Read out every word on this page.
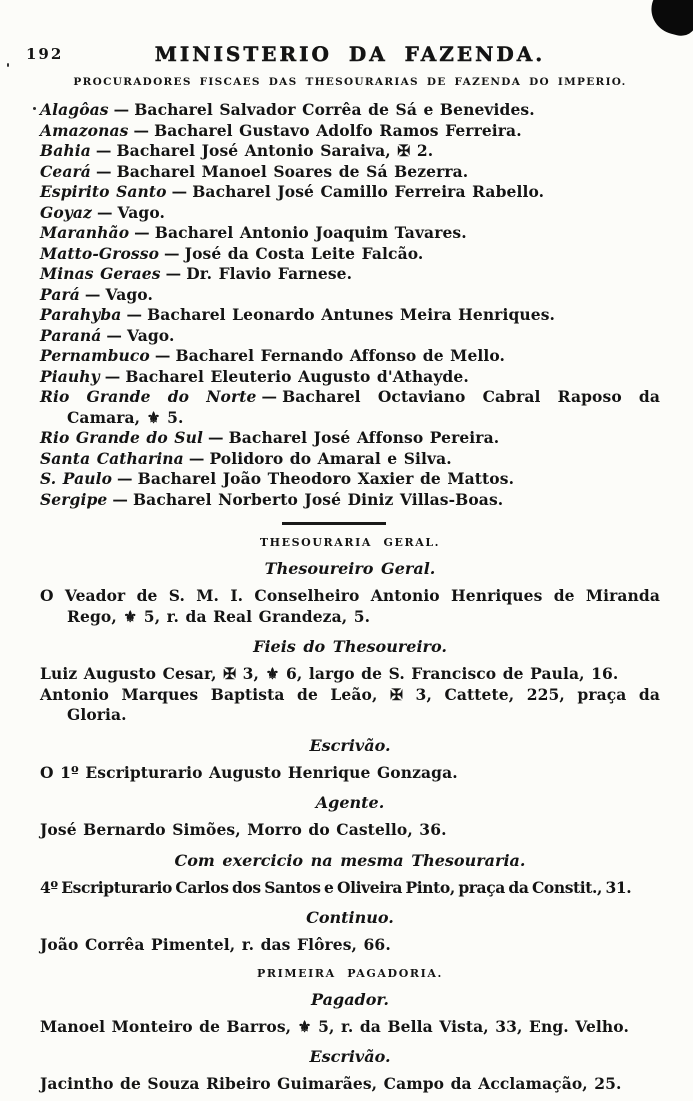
192	MINISTERIO DA FAZENDA.
PROCURADORES FISCAES DAS THESOURARIAS DE FAZENDA DO IMPERIO.

Alagôas — Bacharel Salvador Corrêa de Sá e Benevides.

Amazonas — Bacharel Gustavo Adolfo Ramos Ferreira.

Bahia — Bacharel José Antonio Saraiva, ✠ 2.

Ceará — Bacharel Manoel Soares de Sá Bezerra.

Espirito Santo — Bacharel José Camillo Ferreira Rabello.

Goyaz — Vago.

Maranhão — Bacharel Antonio Joaquim Tavares.

Matto-Grosso — José da Costa Leite Falcão.

Minas Geraes — Dr. Flavio Farnese.

Pará — Vago.

Parahyba — Bacharel Leonardo Antunes Meira Henriques.

Paraná — Vago.

Pernambuco — Bacharel Fernando Affonso de Mello.

Piauhy — Bacharel Eleuterio Augusto d'Athayde.

Rio Grande do Norte — Bacharel Octaviano Cabral Raposo da Camara, ⚜ 5.

Rio Grande do Sul — Bacharel José Affonso Pereira.

Santa Catharina — Polidoro do Amaral e Silva.

S. Paulo — Bacharel João Theodoro Xaxier de Mattos.

Sergipe — Bacharel Norberto José Diniz Villas-Boas.

THESOURARIA GERAL.
Thesoureiro Geral.

O Veador de S. M. I. Conselheiro Antonio Henriques de Miranda Rego, ⚜ 5, r. da Real Grandeza, 5.

Fieis do Thesoureiro.

Luiz Augusto Cesar, ✠ 3, ⚜ 6, largo de S. Francisco de Paula, 16.

Antonio Marques Baptista de Leão, ✠ 3, Cattete, 225, praça da Gloria.

Escrivão.

O 1º Escripturario Augusto Henrique Gonzaga.

Agente.

José Bernardo Simões, Morro do Castello, 36.

Com exercicio na mesma Thesouraria.

4º Escripturario Carlos dos Santos e Oliveira Pinto, praça da Constit., 31.

Continuo.

João Corrêa Pimentel, r. das Flôres, 66.

PRIMEIRA PAGADORIA.
Pagador.

Manoel Monteiro de Barros, ⚜ 5, r. da Bella Vista, 33, Eng. Velho.

Escrivão.

Jacintho de Souza Ribeiro Guimarães, Campo da Acclamação, 25.
